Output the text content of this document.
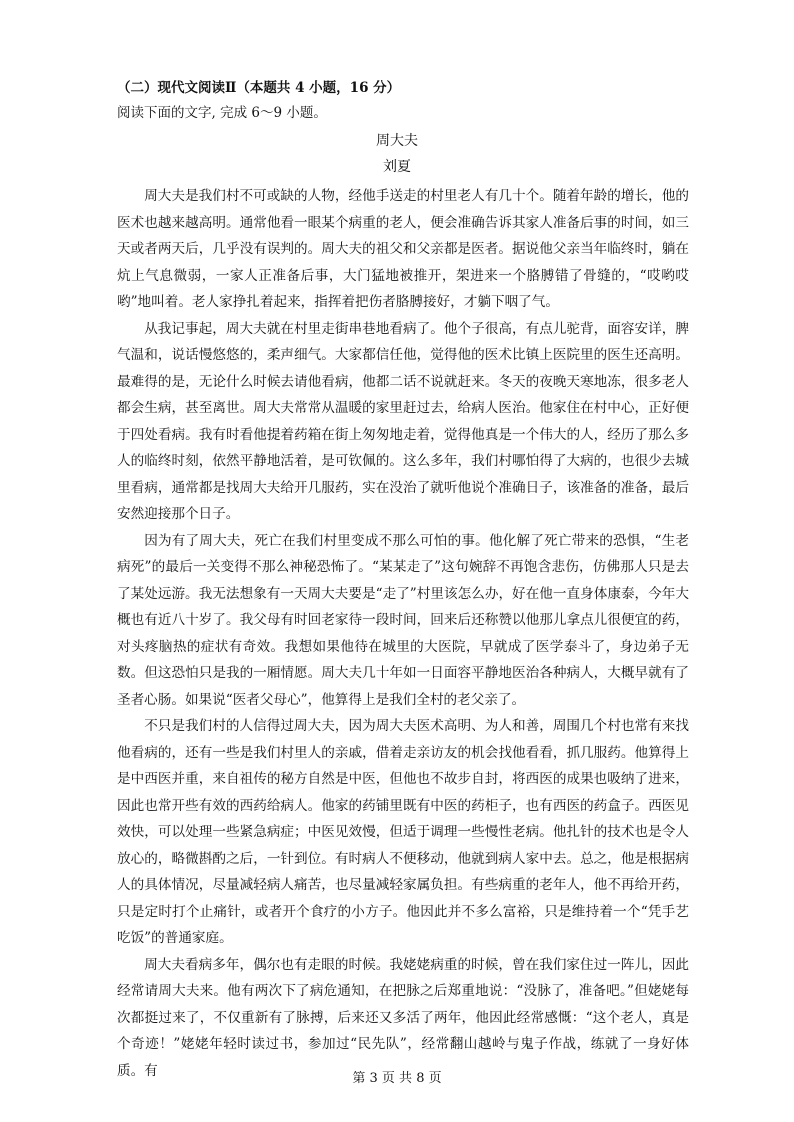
（二）现代文阅读Ⅱ（本题共 4 小题，16 分）
阅读下面的文字, 完成 6～9 小题。
周大夫
刘夏

周大夫是我们村不可或缺的人物，经他手送走的村里老人有几十个。随着年龄的增长，他的医术也越来越高明。通常他看一眼某个病重的老人，便会准确告诉其家人准备后事的时间，如三天或者两天后，几乎没有误判的。周大夫的祖父和父亲都是医者。据说他父亲当年临终时，躺在炕上气息微弱，一家人正准备后事，大门猛地被推开，架进来一个胳膊错了骨缝的，“哎哟哎哟”地叫着。老人家挣扎着起来，指挥着把伤者胳膊接好，才躺下咽了气。

从我记事起，周大夫就在村里走街串巷地看病了。他个子很高，有点儿驼背，面容安详，脾气温和，说话慢悠悠的，柔声细气。大家都信任他，觉得他的医术比镇上医院里的医生还高明。最难得的是，无论什么时候去请他看病，他都二话不说就赶来。冬天的夜晚天寒地冻，很多老人都会生病，甚至离世。周大夫常常从温暖的家里赶过去，给病人医治。他家住在村中心，正好便于四处看病。我有时看他提着药箱在街上匆匆地走着，觉得他真是一个伟大的人，经历了那么多人的临终时刻，依然平静地活着，是可钦佩的。这么多年，我们村哪怕得了大病的，也很少去城里看病，通常都是找周大夫给开几服药，实在没治了就听他说个准确日子，该准备的准备，最后安然迎接那个日子。

因为有了周大夫，死亡在我们村里变成不那么可怕的事。他化解了死亡带来的恐惧，“生老病死”的最后一关变得不那么神秘恐怖了。“某某走了”这句婉辞不再饱含悲伤，仿佛那人只是去了某处远游。我无法想象有一天周大夫要是“走了”村里该怎么办，好在他一直身体康泰，今年大概也有近八十岁了。我父母有时回老家待一段时间，回来后还称赞以他那儿拿点儿很便宜的药，对头疼脑热的症状有奇效。我想如果他待在城里的大医院，早就成了医学泰斗了，身边弟子无数。但这恐怕只是我的一厢情愿。周大夫几十年如一日面容平静地医治各种病人，大概早就有了圣者心肠。如果说“医者父母心”，他算得上是我们全村的老父亲了。

不只是我们村的人信得过周大夫，因为周大夫医术高明、为人和善，周围几个村也常有来找他看病的，还有一些是我们村里人的亲戚，借着走亲访友的机会找他看看，抓几服药。他算得上是中西医并重，来自祖传的秘方自然是中医，但他也不故步自封，将西医的成果也吸纳了进来，因此也常开些有效的西药给病人。他家的药铺里既有中医的药柜子，也有西医的药盒子。西医见效快，可以处理一些紧急病症；中医见效慢，但适于调理一些慢性老病。他扎针的技术也是令人放心的，略微斟酌之后，一针到位。有时病人不便移动，他就到病人家中去。总之，他是根据病人的具体情况，尽量减轻病人痛苦，也尽量减轻家属负担。有些病重的老年人，他不再给开药，只是定时打个止痛针，或者开个食疗的小方子。他因此并不多么富裕，只是维持着一个“凭手艺吃饭”的普通家庭。

周大夫看病多年，偶尔也有走眼的时候。我姥姥病重的时候，曾在我们家住过一阵儿，因此经常请周大夫来。他有两次下了病危通知，在把脉之后郑重地说：“没脉了，准备吧。”但姥姥每次都挺过来了，不仅重新有了脉搏，后来还又多活了两年，他因此经常感慨：“这个老人，真是个奇迹！”姥姥年轻时读过书，参加过“民先队”，经常翻山越岭与鬼子作战，练就了一身好体质。有	第 3 页 共 8 页
